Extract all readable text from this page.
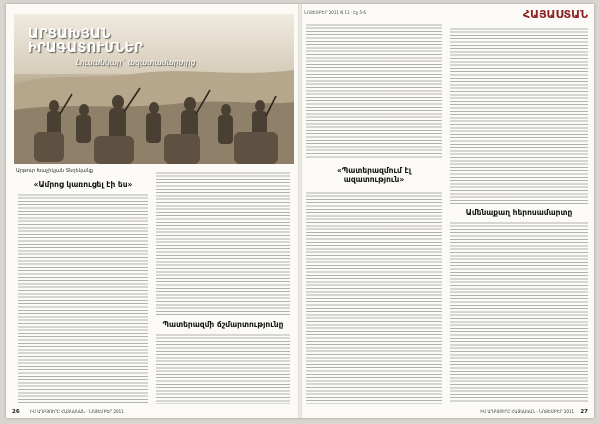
ԱՐՑԱԽՅԱՆ ԻՐԱԳԱՏՈՒՄՆԵՐ
Լուսանկար` ազատամարտից
Արթուր Խաչիկյան Տեղեկանք
«Ամրոց կառուցել էի ես»
Պատերազմի ճշմարտությունը
26	ԻՄ ԱՂԲՅՈՒՐԸ ՀԱՅԿԱԿԱՆ · ՆՈՅԵՄԲԵՐ 2011
ՆՈՅԵՄԲԵՐ 2011 N 11 · Էջ 5-6	ՀԱՅԱՍՏԱՆ
«Պատերազմում էլ ազատություն»
Ամենաքաղ հերոսամարտը
ԻՄ ԱՂԲՅՈՒՐԸ ՀԱՅԿԱԿԱՆ · ՆՈՅԵՄԲԵՐ 2011 27
